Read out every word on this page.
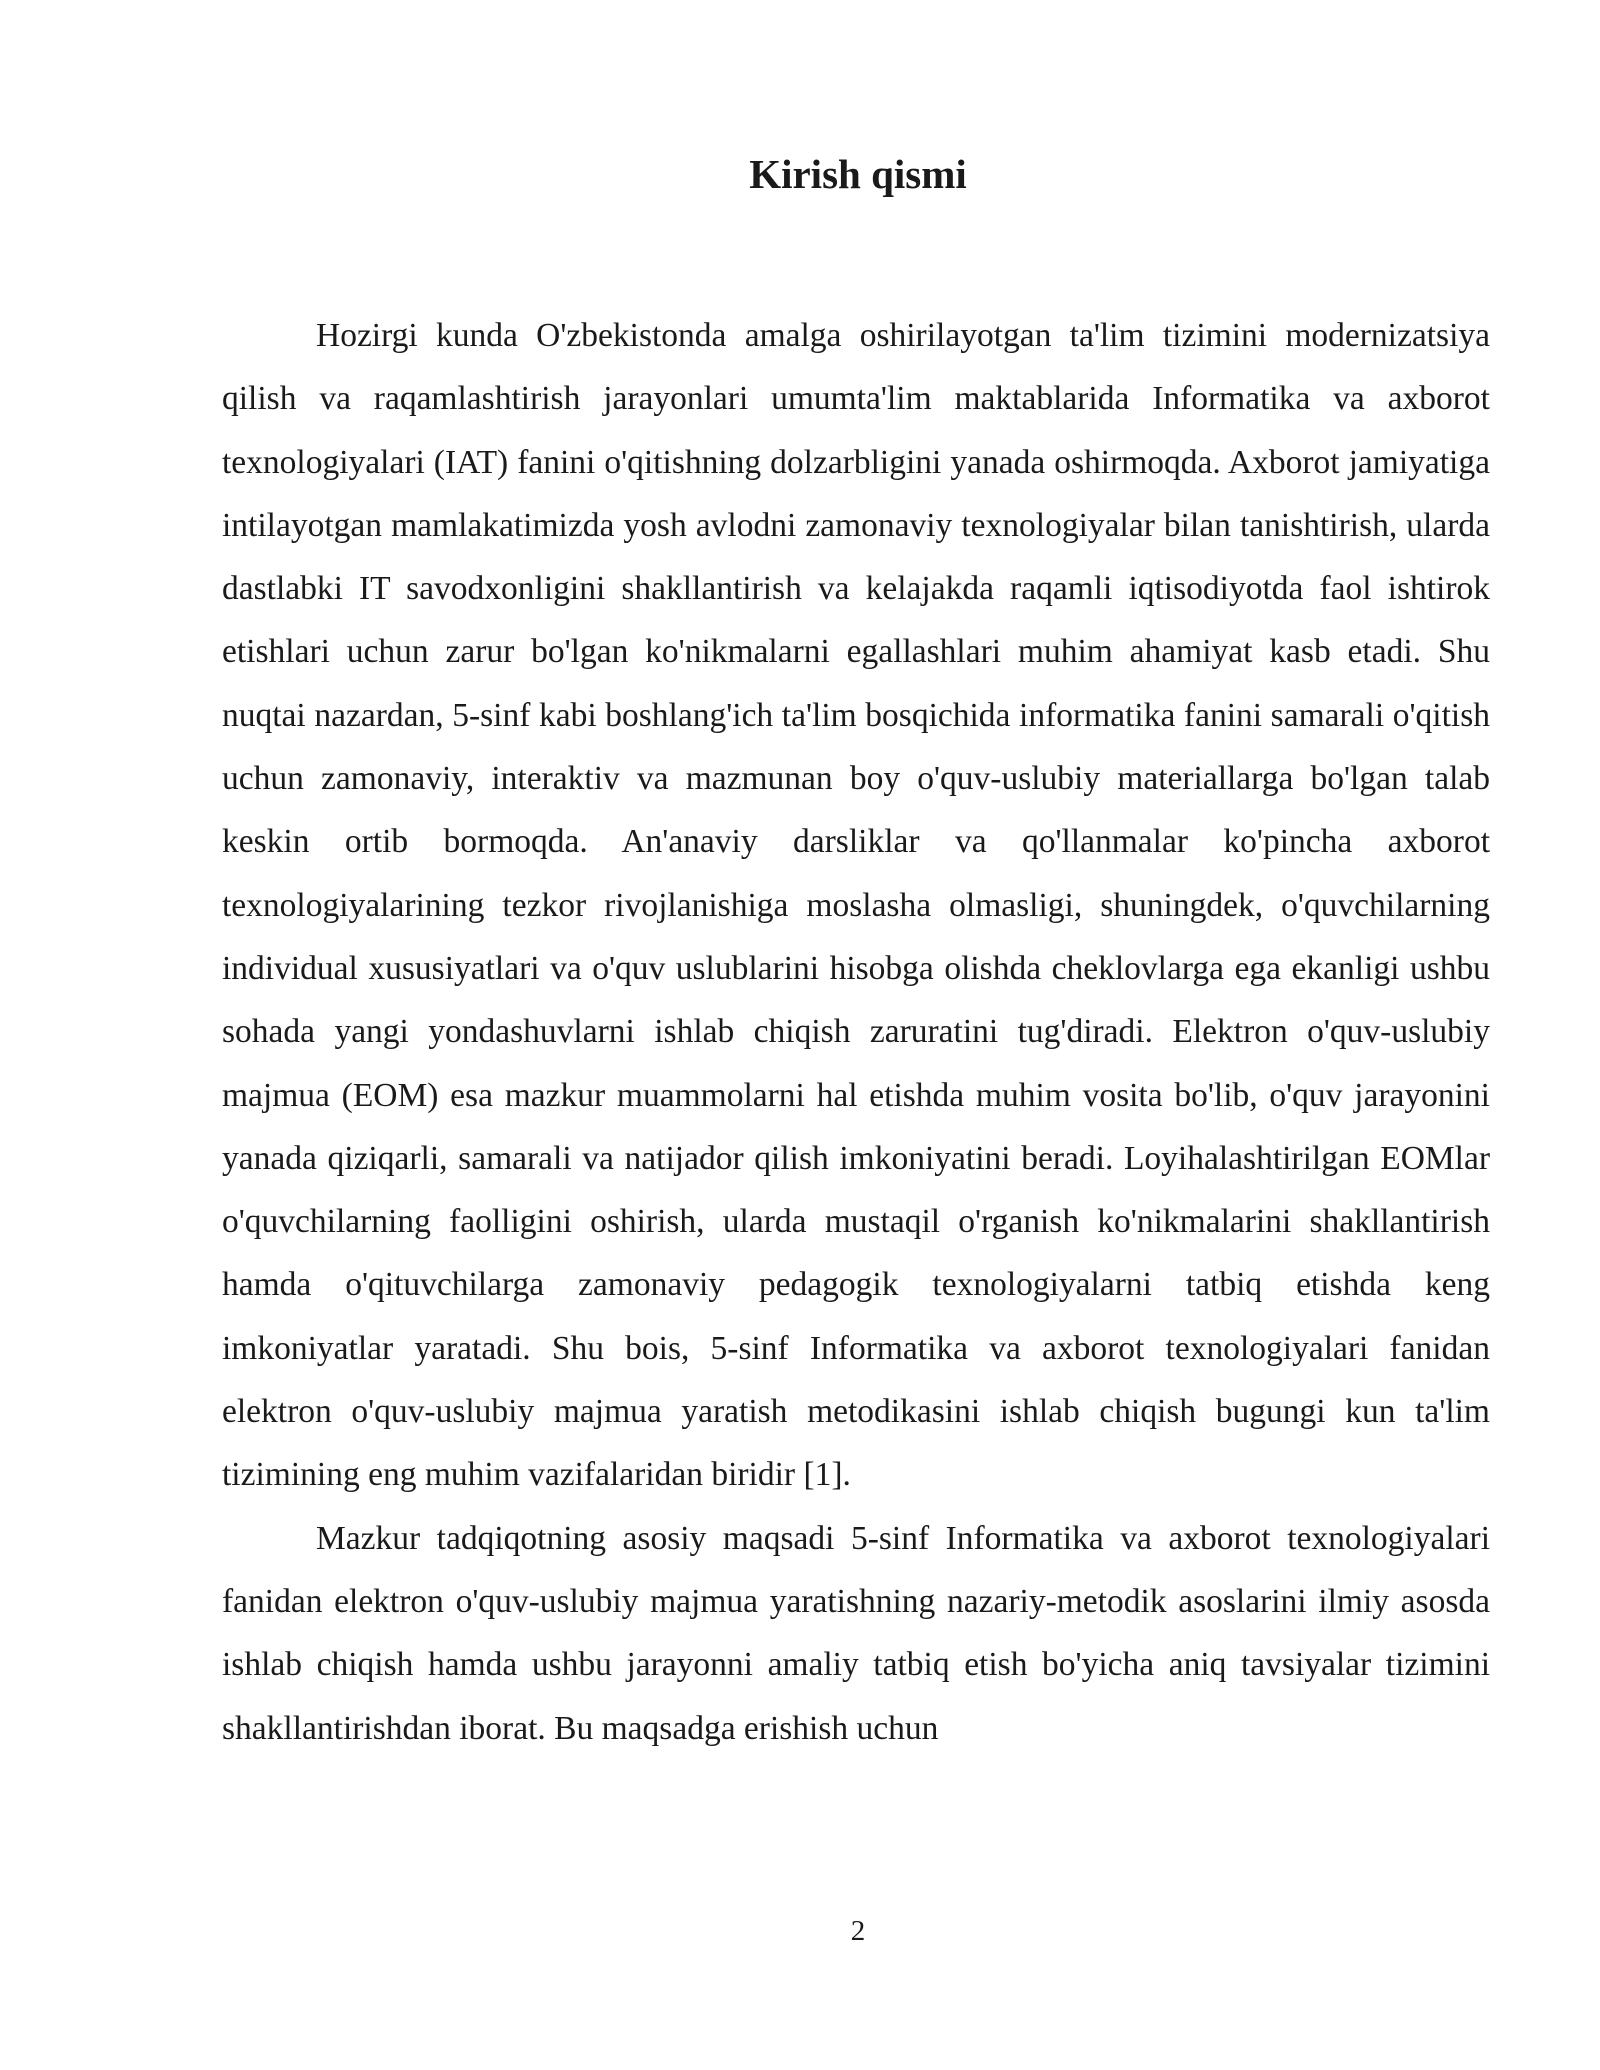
Kirish qismi

Hozirgi kunda O'zbekistonda amalga oshirilayotgan ta'lim tizimini modernizatsiya qilish va raqamlashtirish jarayonlari umumta'lim maktablarida Informatika va axborot texnologiyalari (IAT) fanini o'qitishning dolzarbligini yanada oshirmoqda. Axborot jamiyatiga intilayotgan mamlakatimizda yosh avlodni zamonaviy texnologiyalar bilan tanishtirish, ularda dastlabki IT savodxonligini shakllantirish va kelajakda raqamli iqtisodiyotda faol ishtirok etishlari uchun zarur bo'lgan ko'nikmalarni egallashlari muhim ahamiyat kasb etadi. Shu nuqtai nazardan, 5-sinf kabi boshlang'ich ta'lim bosqichida informatika fanini samarali o'qitish uchun zamonaviy, interaktiv va mazmunan boy o'quv-uslubiy materiallarga bo'lgan talab keskin ortib bormoqda. An'anaviy darsliklar va qo'llanmalar ko'pincha axborot texnologiyalarining tezkor rivojlanishiga moslasha olmasligi, shuningdek, o'quvchilarning individual xususiyatlari va o'quv uslublarini hisobga olishda cheklovlarga ega ekanligi ushbu sohada yangi yondashuvlarni ishlab chiqish zaruratini tug'diradi. Elektron o'quv-uslubiy majmua (EOM) esa mazkur muammolarni hal etishda muhim vosita bo'lib, o'quv jarayonini yanada qiziqarli, samarali va natijador qilish imkoniyatini beradi. Loyihalashtirilgan EOMlar o'quvchilarning faolligini oshirish, ularda mustaqil o'rganish ko'nikmalarini shakllantirish hamda o'qituvchilarga zamonaviy pedagogik texnologiyalarni tatbiq etishda keng imkoniyatlar yaratadi. Shu bois, 5-sinf Informatika va axborot texnologiyalari fanidan elektron o'quv-uslubiy majmua yaratish metodikasini ishlab chiqish bugungi kun ta'lim tizimining eng muhim vazifalaridan biridir [1].

Mazkur tadqiqotning asosiy maqsadi 5-sinf Informatika va axborot texnologiyalari fanidan elektron o'quv-uslubiy majmua yaratishning nazariy-metodik asoslarini ilmiy asosda ishlab chiqish hamda ushbu jarayonni amaliy tatbiq etish bo'yicha aniq tavsiyalar tizimini shakllantirishdan iborat. Bu maqsadga erishish uchun

2
